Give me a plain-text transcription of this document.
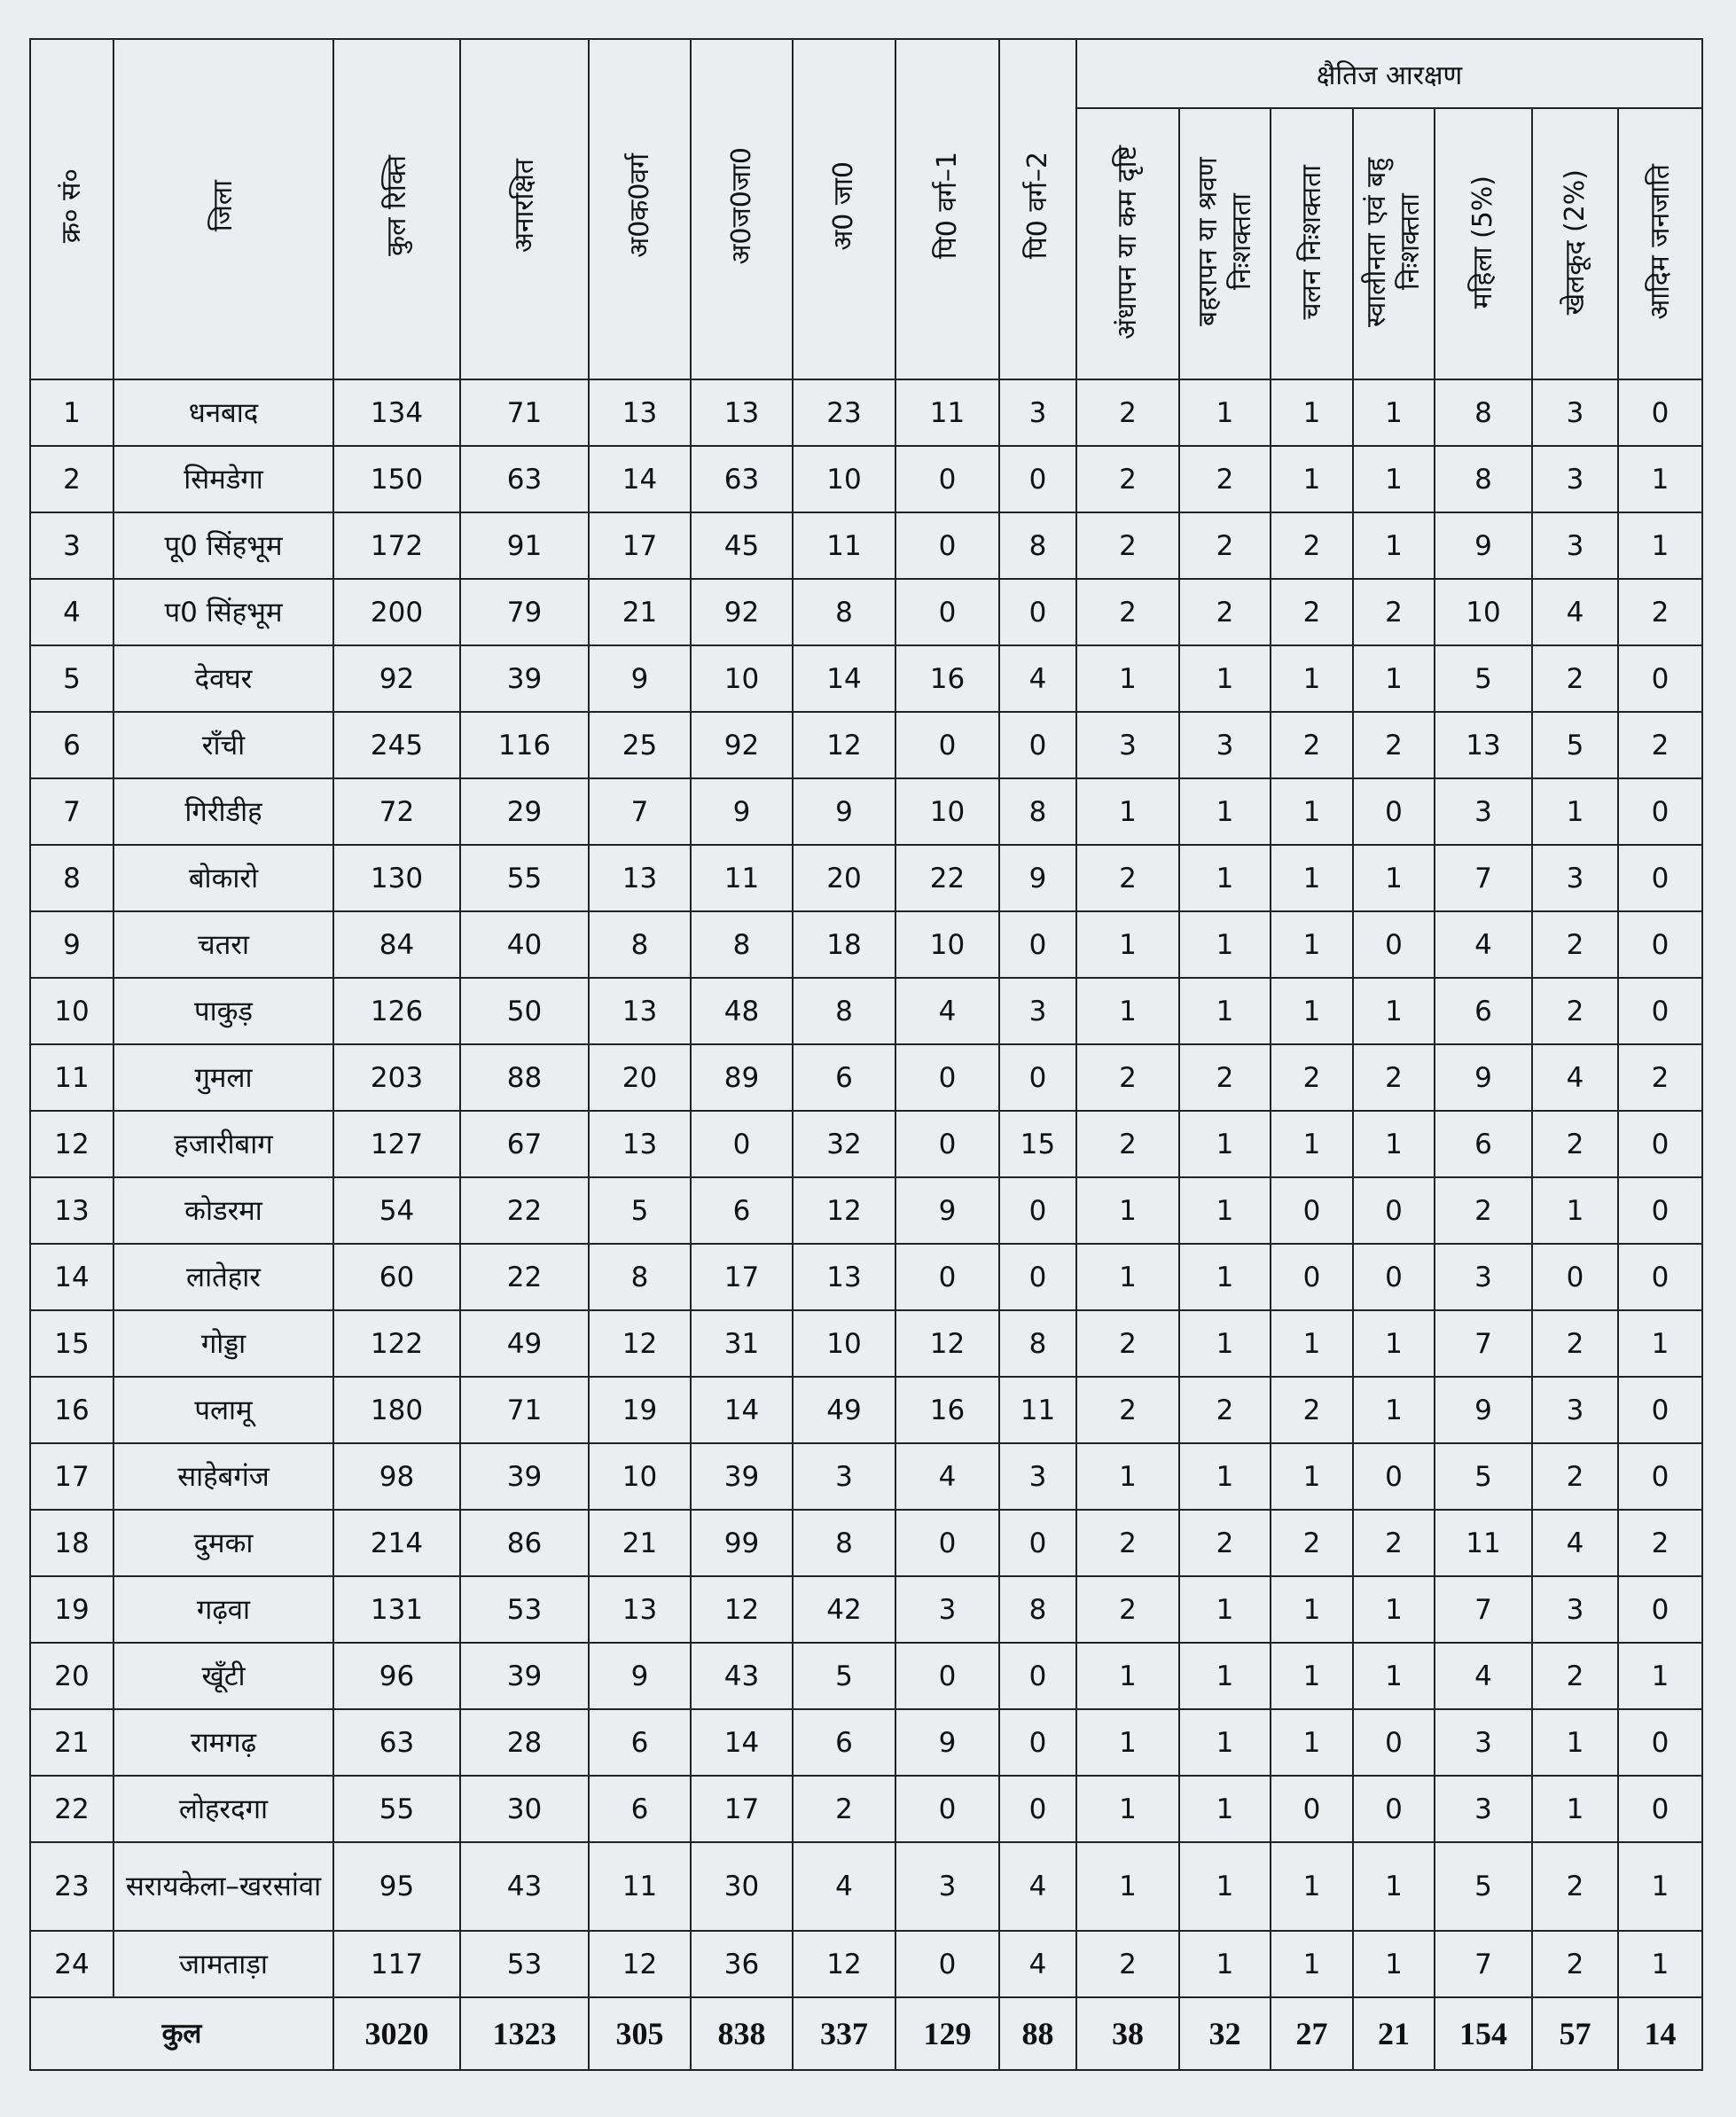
क्र० सं०	जिला	कुल रिक्ति	अनारक्षित	अ0क0वर्ग	अ0ज0जा0	अ0 जा0	पि0 वर्ग–1	पि0 वर्ग–2	क्षैतिज आरक्षण						
									अंधापन या कम दृष्टि	बहरापन या श्रवण निःशक्तता	चलन निःशक्तता	स्वालीनता एवं बहु निःशक्तता	महिला (5%)	खेलकूद (2%)	आदिम जनजाति
1	धनबाद	134	71	13	13	23	11	3	2	1	1	1	8	3	0
2	सिमडेगा	150	63	14	63	10	0	0	2	2	1	1	8	3	1
3	पू0 सिंहभूम	172	91	17	45	11	0	8	2	2	2	1	9	3	1
4	प0 सिंहभूम	200	79	21	92	8	0	0	2	2	2	2	10	4	2
5	देवघर	92	39	9	10	14	16	4	1	1	1	1	5	2	0
6	राँची	245	116	25	92	12	0	0	3	3	2	2	13	5	2
7	गिरीडीह	72	29	7	9	9	10	8	1	1	1	0	3	1	0
8	बोकारो	130	55	13	11	20	22	9	2	1	1	1	7	3	0
9	चतरा	84	40	8	8	18	10	0	1	1	1	0	4	2	0
10	पाकुड़	126	50	13	48	8	4	3	1	1	1	1	6	2	0
11	गुमला	203	88	20	89	6	0	0	2	2	2	2	9	4	2
12	हजारीबाग	127	67	13	0	32	0	15	2	1	1	1	6	2	0
13	कोडरमा	54	22	5	6	12	9	0	1	1	0	0	2	1	0
14	लातेहार	60	22	8	17	13	0	0	1	1	0	0	3	0	0
15	गोड्डा	122	49	12	31	10	12	8	2	1	1	1	7	2	1
16	पलामू	180	71	19	14	49	16	11	2	2	2	1	9	3	0
17	साहेबगंज	98	39	10	39	3	4	3	1	1	1	0	5	2	0
18	दुमका	214	86	21	99	8	0	0	2	2	2	2	11	4	2
19	गढ़वा	131	53	13	12	42	3	8	2	1	1	1	7	3	0
20	खूँटी	96	39	9	43	5	0	0	1	1	1	1	4	2	1
21	रामगढ़	63	28	6	14	6	9	0	1	1	1	0	3	1	0
22	लोहरदगा	55	30	6	17	2	0	0	1	1	0	0	3	1	0
23	सरायकेला–खरसांवा	95	43	11	30	4	3	4	1	1	1	1	5	2	1
24	जामताड़ा	117	53	12	36	12	0	4	2	1	1	1	7	2	1
कुल		3020	1323	305	838	337	129	88	38	32	27	21	154	57	14
